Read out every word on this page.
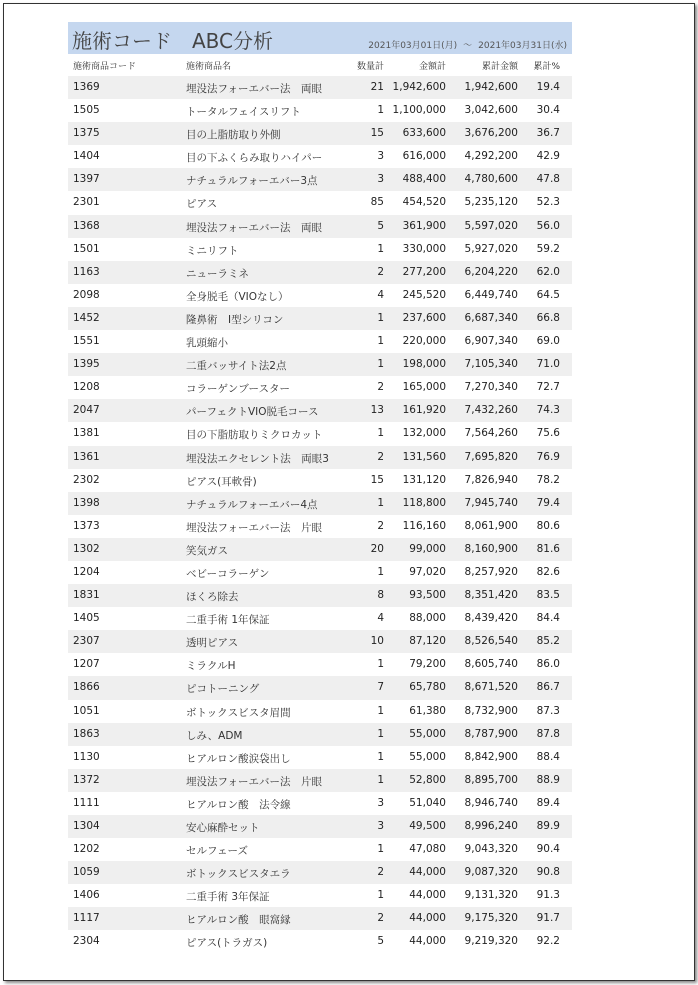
施術コード　ABC分析	2021年03月01日(月) ～ 2021年03月31日(水)
施術商品コード	施術商品名	数量計	金額計	累計金額 累計%
1369	埋没法フォーエバー法　両眼	21 1,942,600 1,942,600 19.4
1505	トータルフェイスリフト	1 1,100,000 3,042,600 30.4
1375	目の上脂肪取り外側	15 633,600 3,676,200 36.7
1404	目の下ふくらみ取りハイパー	3 616,000 4,292,200 42.9
1397	ナチュラルフォーエバー3点	3 488,400 4,780,600 47.8
2301	ピアス	85 454,520 5,235,120 52.3
1368	埋没法フォーエバー法　両眼	5 361,900 5,597,020 56.0
1501	ミニリフト	1 330,000 5,927,020 59.2
1163	ニューラミネ	2 277,200 6,204,220 62.0
2098	全身脱毛（VIOなし）	4 245,520 6,449,740 64.5
1452	隆鼻術　I型シリコン	1 237,600 6,687,340 66.8
1551	乳頭縮小	1 220,000 6,907,340 69.0
1395	二重バッサイト法2点	1 198,000 7,105,340 71.0
1208	コラーゲンブースター	2 165,000 7,270,340 72.7
2047	パーフェクトVIO脱毛コース	13 161,920 7,432,260 74.3
1381	目の下脂肪取りミクロカット	1 132,000 7,564,260 75.6
1361	埋没法エクセレント法　両眼3	2 131,560 7,695,820 76.9
2302	ピアス(耳軟骨)	15 131,120 7,826,940 78.2
1398	ナチュラルフォーエバー4点	1 118,800 7,945,740 79.4
1373	埋没法フォーエバー法　片眼	2 116,160 8,061,900 80.6
1302	笑気ガス	20 99,000 8,160,900 81.6
1204	ベビーコラーゲン	1 97,020 8,257,920 82.6
1831	ほくろ除去	8 93,500 8,351,420 83.5
1405	二重手術 1年保証	4 88,000 8,439,420 84.4
2307	透明ピアス	10 87,120 8,526,540 85.2
1207	ミラクルH	1 79,200 8,605,740 86.0
1866	ピコトーニング	7 65,780 8,671,520 86.7
1051	ボトックスビスタ眉間	1 61,380 8,732,900 87.3
1863	しみ、ADM	1 55,000 8,787,900 87.8
1130	ヒアルロン酸涙袋出し	1 55,000 8,842,900 88.4
1372	埋没法フォーエバー法　片眼	1 52,800 8,895,700 88.9
1111	ヒアルロン酸　法令線	3 51,040 8,946,740 89.4
1304	安心麻酔セット	3 49,500 8,996,240 89.9
1202	セルフェーズ	1 47,080 9,043,320 90.4
1059	ボトックスビスタエラ	2 44,000 9,087,320 90.8
1406	二重手術 3年保証	1 44,000 9,131,320 91.3
1117	ヒアルロン酸　眼窩縁	2 44,000 9,175,320 91.7
2304	ピアス(トラガス)	5 44,000 9,219,320 92.2
